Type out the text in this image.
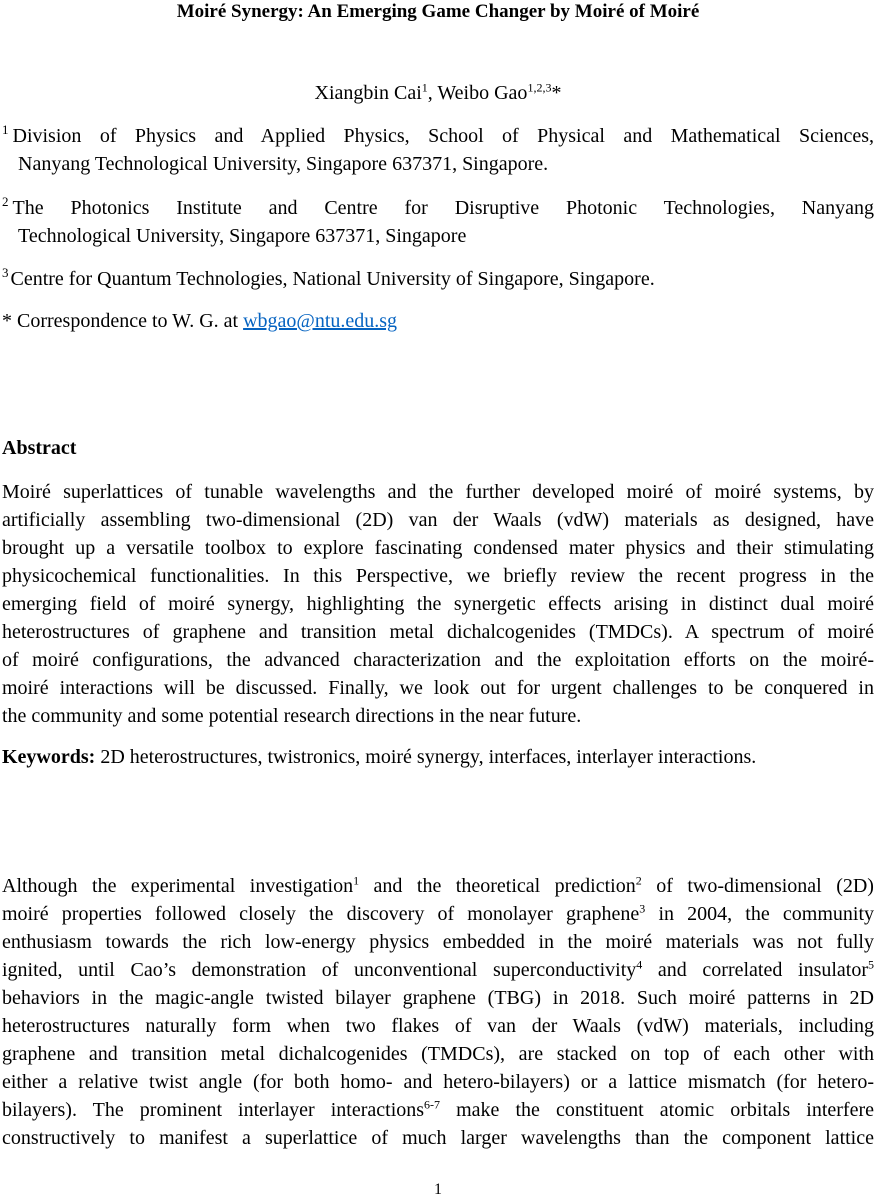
Moiré Synergy: An Emerging Game Changer by Moiré of Moiré
Xiangbin Cai$^1$, Weibo Gao$^{1,2,3}$*

$^1$ Division of Physics and Applied Physics, School of Physical and Mathematical Sciences,

Nanyang Technological University, Singapore 637371, Singapore.

$^2$ The Photonics Institute and Centre for Disruptive Photonic Technologies, Nanyang

Technological University, Singapore 637371, Singapore

$^3$ Centre for Quantum Technologies, National University of Singapore, Singapore.
* Correspondence to W. G. at wbgao@ntu.edu.sg
Abstract
Moiré superlattices of tunable wavelengths and the further developed moiré of moiré systems, by
artificially assembling two-dimensional (2D) van der Waals (vdW) materials as designed, have
brought up a versatile toolbox to explore fascinating condensed mater physics and their stimulating
physicochemical functionalities. In this Perspective, we briefly review the recent progress in the
emerging field of moiré synergy, highlighting the synergetic effects arising in distinct dual moiré
heterostructures of graphene and transition metal dichalcogenides (TMDCs). A spectrum of moiré
of moiré configurations, the advanced characterization and the exploitation efforts on the moiré-
moiré interactions will be discussed. Finally, we look out for urgent challenges to be conquered in
the community and some potential research directions in the near future.
Keywords: 2D heterostructures, twistronics, moiré synergy, interfaces, interlayer interactions.
Although the experimental investigation$^1$ and the theoretical prediction$^2$ of two-dimensional (2D)
moiré properties followed closely the discovery of monolayer graphene$^3$ in 2004, the community
enthusiasm towards the rich low-energy physics embedded in the moiré materials was not fully
ignited, until Cao’s demonstration of unconventional superconductivity$^4$ and correlated insulator$^5$
behaviors in the magic-angle twisted bilayer graphene (TBG) in 2018. Such moiré patterns in 2D
heterostructures naturally form when two flakes of van der Waals (vdW) materials, including
graphene and transition metal dichalcogenides (TMDCs), are stacked on top of each other with
either a relative twist angle (for both homo- and hetero-bilayers) or a lattice mismatch (for hetero-
bilayers). The prominent interlayer interactions$^{6-7}$ make the constituent atomic orbitals interfere
constructively to manifest a superlattice of much larger wavelengths than the component lattice
1
